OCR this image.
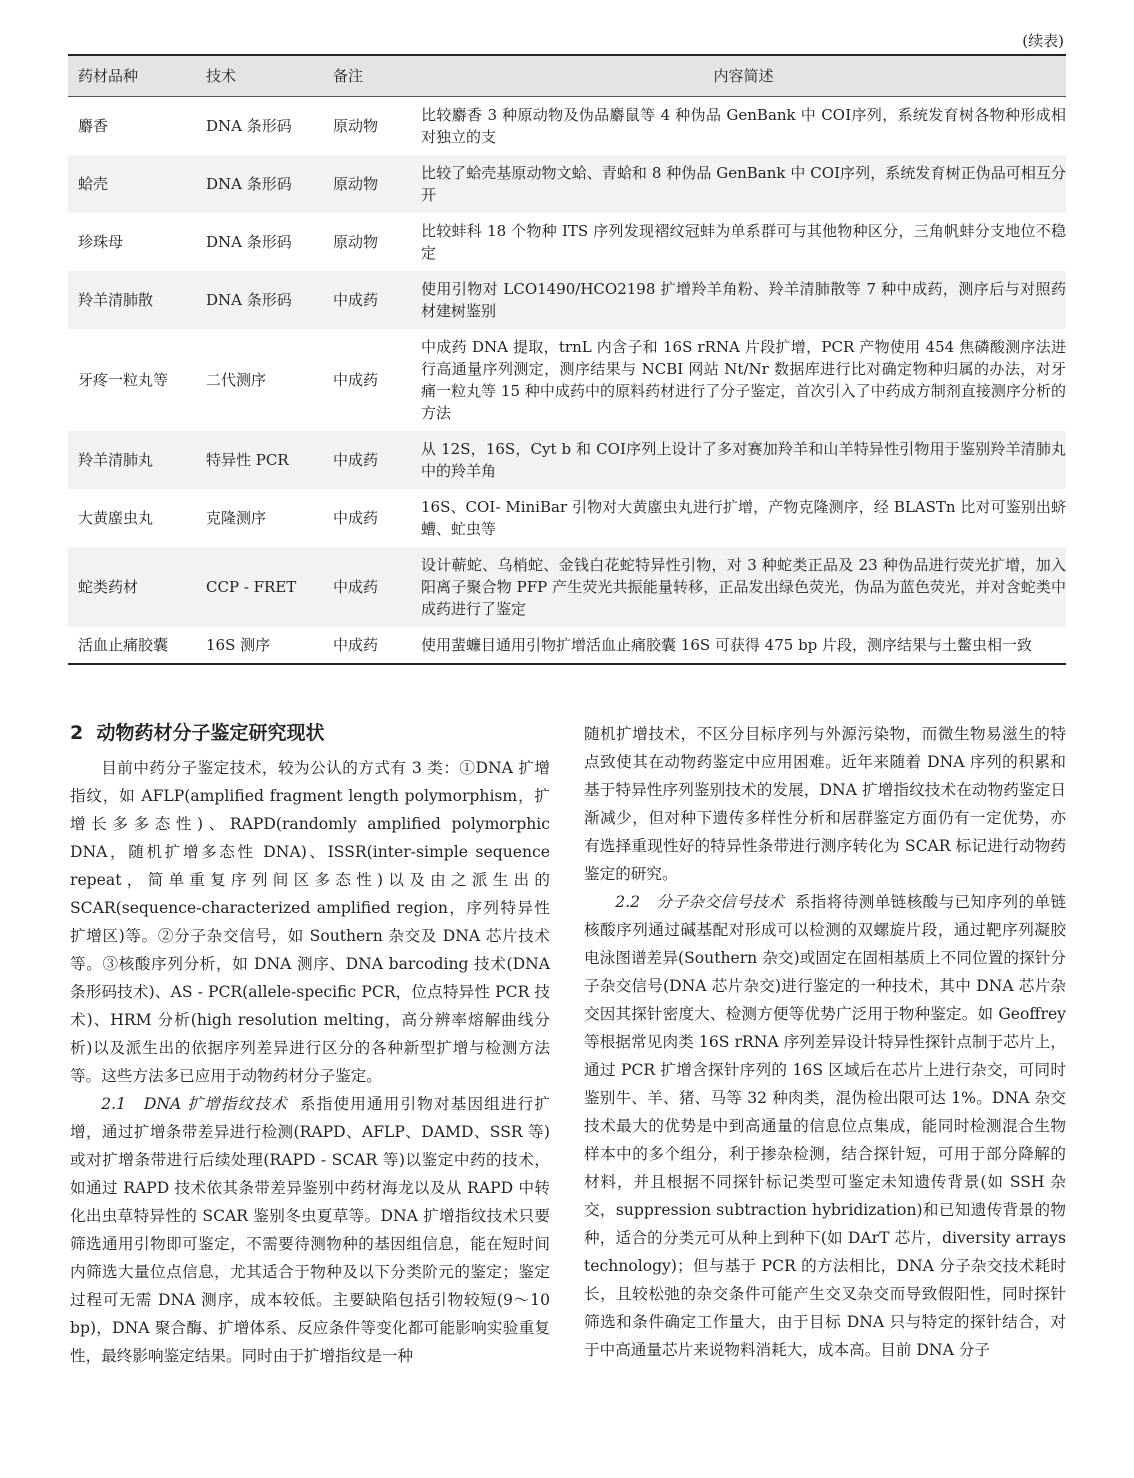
(续表)
药材品种	技术	备注	内容简述
麝香	DNA 条形码	原动物	比较麝香 3 种原动物及伪品麝鼠等 4 种伪品 GenBank 中 COⅠ序列，系统发育树各物种形成相对独立的支
蛤壳	DNA 条形码	原动物	比较了蛤壳基原动物文蛤、青蛤和 8 种伪品 GenBank 中 COⅠ序列，系统发育树正伪品可相互分开
珍珠母	DNA 条形码	原动物	比较蚌科 18 个物种 ITS 序列发现褶纹冠蚌为单系群可与其他物种区分，三角帆蚌分支地位不稳定
羚羊清肺散	DNA 条形码	中成药	使用引物对 LCO1490/HCO2198 扩增羚羊角粉、羚羊清肺散等 7 种中成药，测序后与对照药材建树鉴别
牙疼一粒丸等	二代测序	中成药	中成药 DNA 提取，trnL 内含子和 16S rRNA 片段扩增，PCR 产物使用 454 焦磷酸测序法进行高通量序列测定，测序结果与 NCBI 网站 Nt/Nr 数据库进行比对确定物种归属的办法，对牙痛一粒丸等 15 种中成药中的原料药材进行了分子鉴定，首次引入了中药成方制剂直接测序分析的方法
羚羊清肺丸	特异性 PCR	中成药	从 12S，16S，Cyt b 和 COⅠ序列上设计了多对赛加羚羊和山羊特异性引物用于鉴别羚羊清肺丸中的羚羊角
大黄䗪虫丸	克隆测序	中成药	16S、COⅠ- MiniBar 引物对大黄䗪虫丸进行扩增，产物克隆测序，经 BLASTn 比对可鉴别出蛴螬、虻虫等
蛇类药材	CCP - FRET	中成药	设计蕲蛇、乌梢蛇、金钱白花蛇特异性引物，对 3 种蛇类正品及 23 种伪品进行荧光扩增，加入阳离子聚合物 PFP 产生荧光共振能量转移，正品发出绿色荧光，伪品为蓝色荧光，并对含蛇类中成药进行了鉴定
活血止痛胶囊	16S 测序	中成药	使用蜚蠊目通用引物扩增活血止痛胶囊 16S 可获得 475 bp 片段，测序结果与土鳖虫相一致
2 动物药材分子鉴定研究现状

目前中药分子鉴定技术，较为公认的方式有 3 类：①DNA 扩增指纹，如 AFLP(amplified fragment length polymorphism，扩增长多多态性)、RAPD(randomly amplified polymorphic DNA，随机扩增多态性 DNA)、ISSR(inter-simple sequence repeat，简单重复序列间区多态性)以及由之派生出的 SCAR(sequence-characterized amplified region，序列特异性扩增区)等。②分子杂交信号，如 Southern 杂交及 DNA 芯片技术等。③核酸序列分析，如 DNA 测序、DNA barcoding 技术(DNA 条形码技术)、AS - PCR(allele-specific PCR，位点特异性 PCR 技术)、HRM 分析(high resolution melting，高分辨率熔解曲线分析)以及派生出的依据序列差异进行区分的各种新型扩增与检测方法等。这些方法多已应用于动物药材分子鉴定。

2.1　DNA 扩增指纹技术 系指使用通用引物对基因组进行扩增，通过扩增条带差异进行检测(RAPD、AFLP、DAMD、SSR 等)或对扩增条带进行后续处理(RAPD - SCAR 等)以鉴定中药的技术，如通过 RAPD 技术依其条带差异鉴别中药材海龙以及从 RAPD 中转化出虫草特异性的 SCAR 鉴别冬虫夏草等。DNA 扩增指纹技术只要筛选通用引物即可鉴定，不需要待测物种的基因组信息，能在短时间内筛选大量位点信息，尤其适合于物种及以下分类阶元的鉴定；鉴定过程可无需 DNA 测序，成本较低。主要缺陷包括引物较短(9～10 bp)，DNA 聚合酶、扩增体系、反应条件等变化都可能影响实验重复性，最终影响鉴定结果。同时由于扩增指纹是一种

随机扩增技术，不区分目标序列与外源污染物，而微生物易滋生的特点致使其在动物药鉴定中应用困难。近年来随着 DNA 序列的积累和基于特异性序列鉴别技术的发展，DNA 扩增指纹技术在动物药鉴定日渐减少，但对种下遗传多样性分析和居群鉴定方面仍有一定优势，亦有选择重现性好的特异性条带进行测序转化为 SCAR 标记进行动物药鉴定的研究。

2.2　分子杂交信号技术 系指将待测单链核酸与已知序列的单链核酸序列通过碱基配对形成可以检测的双螺旋片段，通过靶序列凝胶电泳图谱差异(Southern 杂交)或固定在固相基质上不同位置的探针分子杂交信号(DNA 芯片杂交)进行鉴定的一种技术，其中 DNA 芯片杂交因其探针密度大、检测方便等优势广泛用于物种鉴定。如 Geoffrey 等根据常见肉类 16S rRNA 序列差异设计特异性探针点制于芯片上，通过 PCR 扩增含探针序列的 16S 区域后在芯片上进行杂交，可同时鉴别牛、羊、猪、马等 32 种肉类，混伪检出限可达 1%。DNA 杂交技术最大的优势是中到高通量的信息位点集成，能同时检测混合生物样本中的多个组分，利于掺杂检测，结合探针短，可用于部分降解的材料，并且根据不同探针标记类型可鉴定未知遗传背景(如 SSH 杂交，suppression subtraction hybridization)和已知遗传背景的物种，适合的分类元可从种上到种下(如 DArT 芯片，diversity arrays technology)；但与基于 PCR 的方法相比，DNA 分子杂交技术耗时长，且较松弛的杂交条件可能产生交叉杂交而导致假阳性，同时探针筛选和条件确定工作量大，由于目标 DNA 只与特定的探针结合，对于中高通量芯片来说物料消耗大，成本高。目前 DNA 分子
